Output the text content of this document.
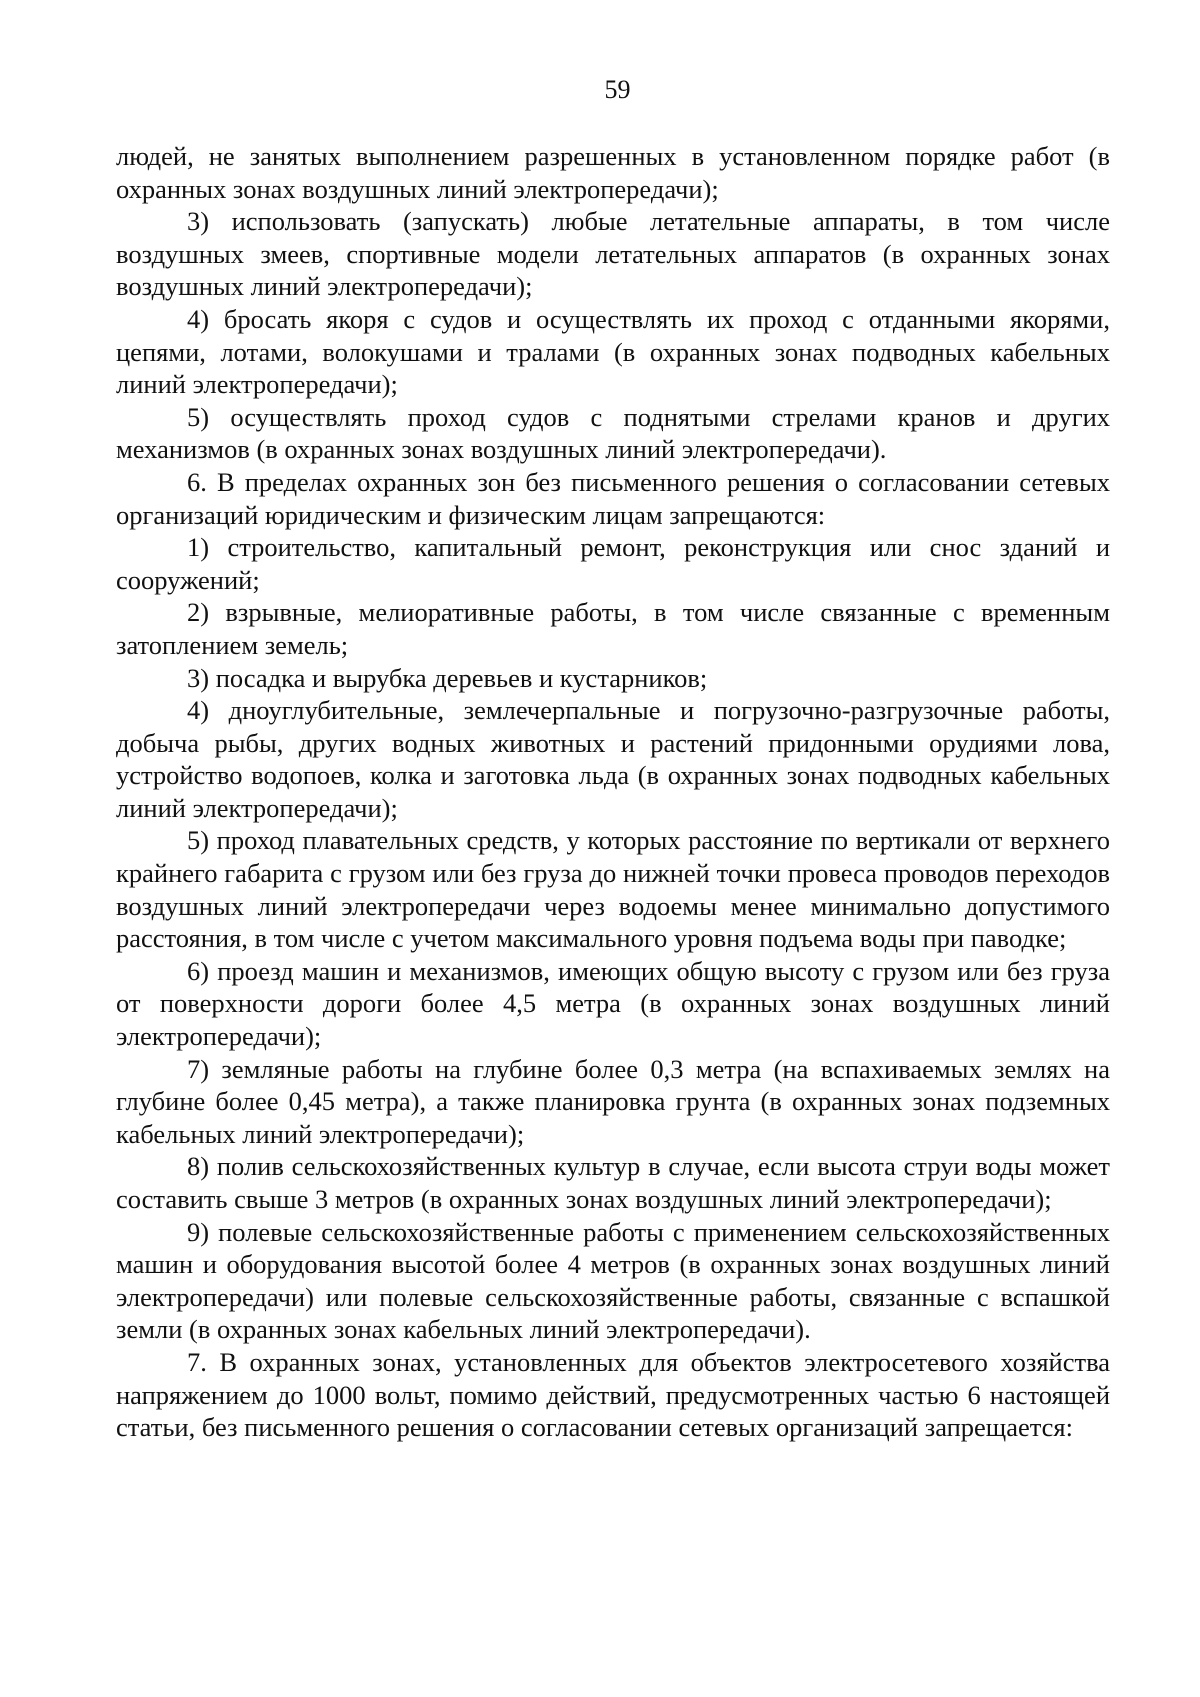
59

людей, не занятых выполнением разрешенных в установленном порядке работ (в охранных зонах воздушных линий электропередачи);

3) использовать (запускать) любые летательные аппараты, в том числе воздушных змеев, спортивные модели летательных аппаратов (в охранных зонах воздушных линий электропередачи);

4) бросать якоря с судов и осуществлять их проход с отданными якорями, цепями, лотами, волокушами и тралами (в охранных зонах подводных кабельных линий электропередачи);

5) осуществлять проход судов с поднятыми стрелами кранов и других механизмов (в охранных зонах воздушных линий электропередачи).

6. В пределах охранных зон без письменного решения о согласовании сетевых организаций юридическим и физическим лицам запрещаются:

1) строительство, капитальный ремонт, реконструкция или снос зданий и сооружений;

2) взрывные, мелиоративные работы, в том числе связанные с временным затоплением земель;

3) посадка и вырубка деревьев и кустарников;

4) дноуглубительные, землечерпальные и погрузочно-разгрузочные работы, добыча рыбы, других водных животных и растений придонными орудиями лова, устройство водопоев, колка и заготовка льда (в охранных зонах подводных кабельных линий электропередачи);

5) проход плавательных средств, у которых расстояние по вертикали от верхнего крайнего габарита с грузом или без груза до нижней точки провеса проводов переходов воздушных линий электропередачи через водоемы менее минимально допустимого расстояния, в том числе с учетом максимального уровня подъема воды при паводке;

6) проезд машин и механизмов, имеющих общую высоту с грузом или без груза от поверхности дороги более 4,5 метра (в охранных зонах воздушных линий электропередачи);

7) земляные работы на глубине более 0,3 метра (на вспахиваемых землях на глубине более 0,45 метра), а также планировка грунта (в охранных зонах подземных кабельных линий электропередачи);

8) полив сельскохозяйственных культур в случае, если высота струи воды может составить свыше 3 метров (в охранных зонах воздушных линий электропередачи);

9) полевые сельскохозяйственные работы с применением сельскохозяйственных машин и оборудования высотой более 4 метров (в охранных зонах воздушных линий электропередачи) или полевые сельскохозяйственные работы, связанные с вспашкой земли (в охранных зонах кабельных линий электропередачи).

7. В охранных зонах, установленных для объектов электросетевого хозяйства напряжением до 1000 вольт, помимо действий, предусмотренных частью 6 настоящей статьи, без письменного решения о согласовании сетевых организаций запрещается:
